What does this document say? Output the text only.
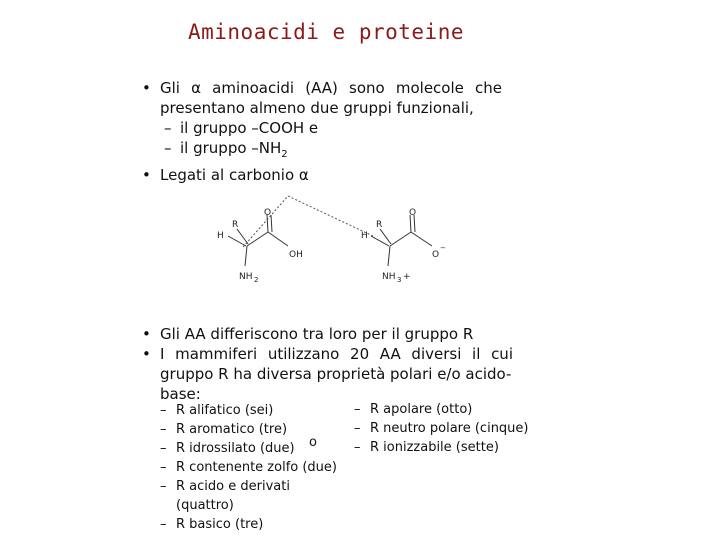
Aminoacidi e proteine
• Gli α aminoacidi (AA) sono molecole che
presentano almeno due gruppi funzionali,
– il gruppo –COOH e
– il gruppo $-NH_2$
• Legati al carbonio α
R
H
O
OH
NH 2
R
H
O
O
−
NH 3 +
• Gli AA differiscono tra loro per il gruppo R
• I mammiferi utilizzano 20 AA diversi il cui
gruppo R ha diversa proprietà polari e/o acido-
base:
– R alifatico (sei)
– R aromatico (tre)
– R idrossilato (due)
– R contenente zolfo (due)
– R acido e derivati (quattro)
– R basico (tre)
– R apolare (otto)
– R neutro polare (cinque)
– R ionizzabile (sette)
o
